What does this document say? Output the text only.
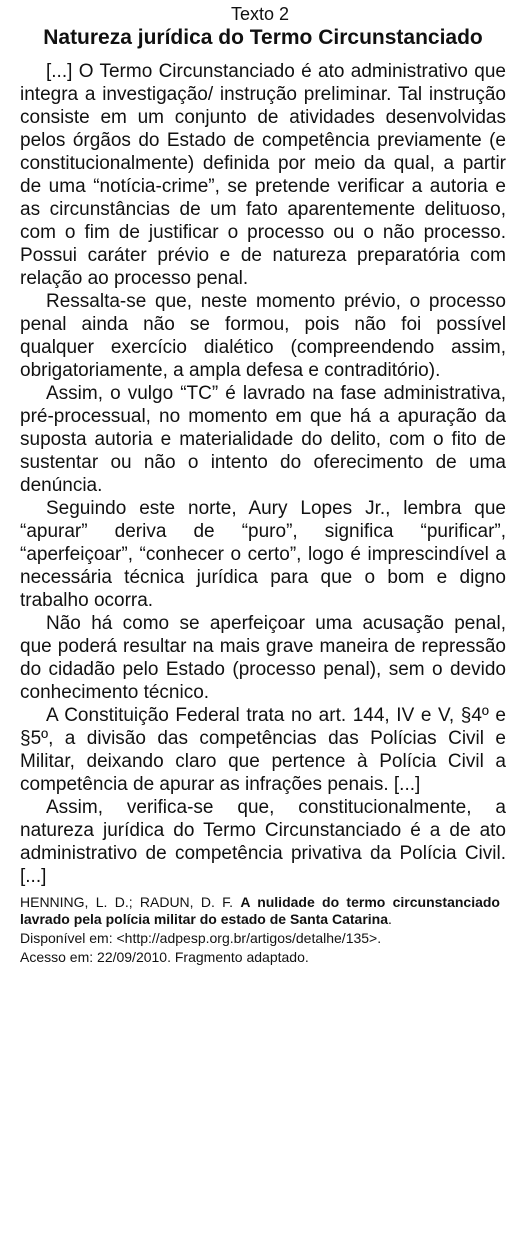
Texto 2
Natureza jurídica do Termo Circunstanciado

[...] O Termo Circunstanciado é ato administrativo que integra a investigação/ instrução preliminar. Tal instrução consiste em um conjunto de atividades desenvolvidas pelos órgãos do Estado de competência previamente (e constitucionalmente) definida por meio da qual, a partir de uma “notícia-crime”, se pretende verificar a autoria e as circunstâncias de um fato aparentemente delituoso, com o fim de justificar o processo ou o não processo. Possui caráter prévio e de natureza preparatória com relação ao processo penal.

Ressalta-se que, neste momento prévio, o processo penal ainda não se formou, pois não foi possível qualquer exercício dialético (compreendendo assim, obrigatoriamente, a ampla defesa e contraditório).

Assim, o vulgo “TC” é lavrado na fase administrativa, pré-processual, no momento em que há a apuração da suposta autoria e materialidade do delito, com o fito de sustentar ou não o intento do oferecimento de uma denúncia.

Seguindo este norte, Aury Lopes Jr., lembra que “apurar” deriva de “puro”, significa “purificar”, “aperfeiçoar”, “conhecer o certo”, logo é imprescindível a necessária técnica jurídica para que o bom e digno trabalho ocorra.

Não há como se aperfeiçoar uma acusação penal, que poderá resultar na mais grave maneira de repressão do cidadão pelo Estado (processo penal), sem o devido conhecimento técnico.

A Constituição Federal trata no art. 144, IV e V, §4º e §5º, a divisão das competências das Polícias Civil e Militar, deixando claro que pertence à Polícia Civil a competência de apurar as infrações penais. [...]

Assim, verifica-se que, constitucionalmente, a natureza jurídica do Termo Circunstanciado é a de ato administrativo de competência privativa da Polícia Civil. [...]

HENNING, L. D.; RADUN, D. F. A nulidade do termo circunstanciado lavrado pela polícia militar do estado de Santa Catarina.
Disponível em: <http://adpesp.org.br/artigos/detalhe/135>.
Acesso em: 22/09/2010. Fragmento adaptado.
